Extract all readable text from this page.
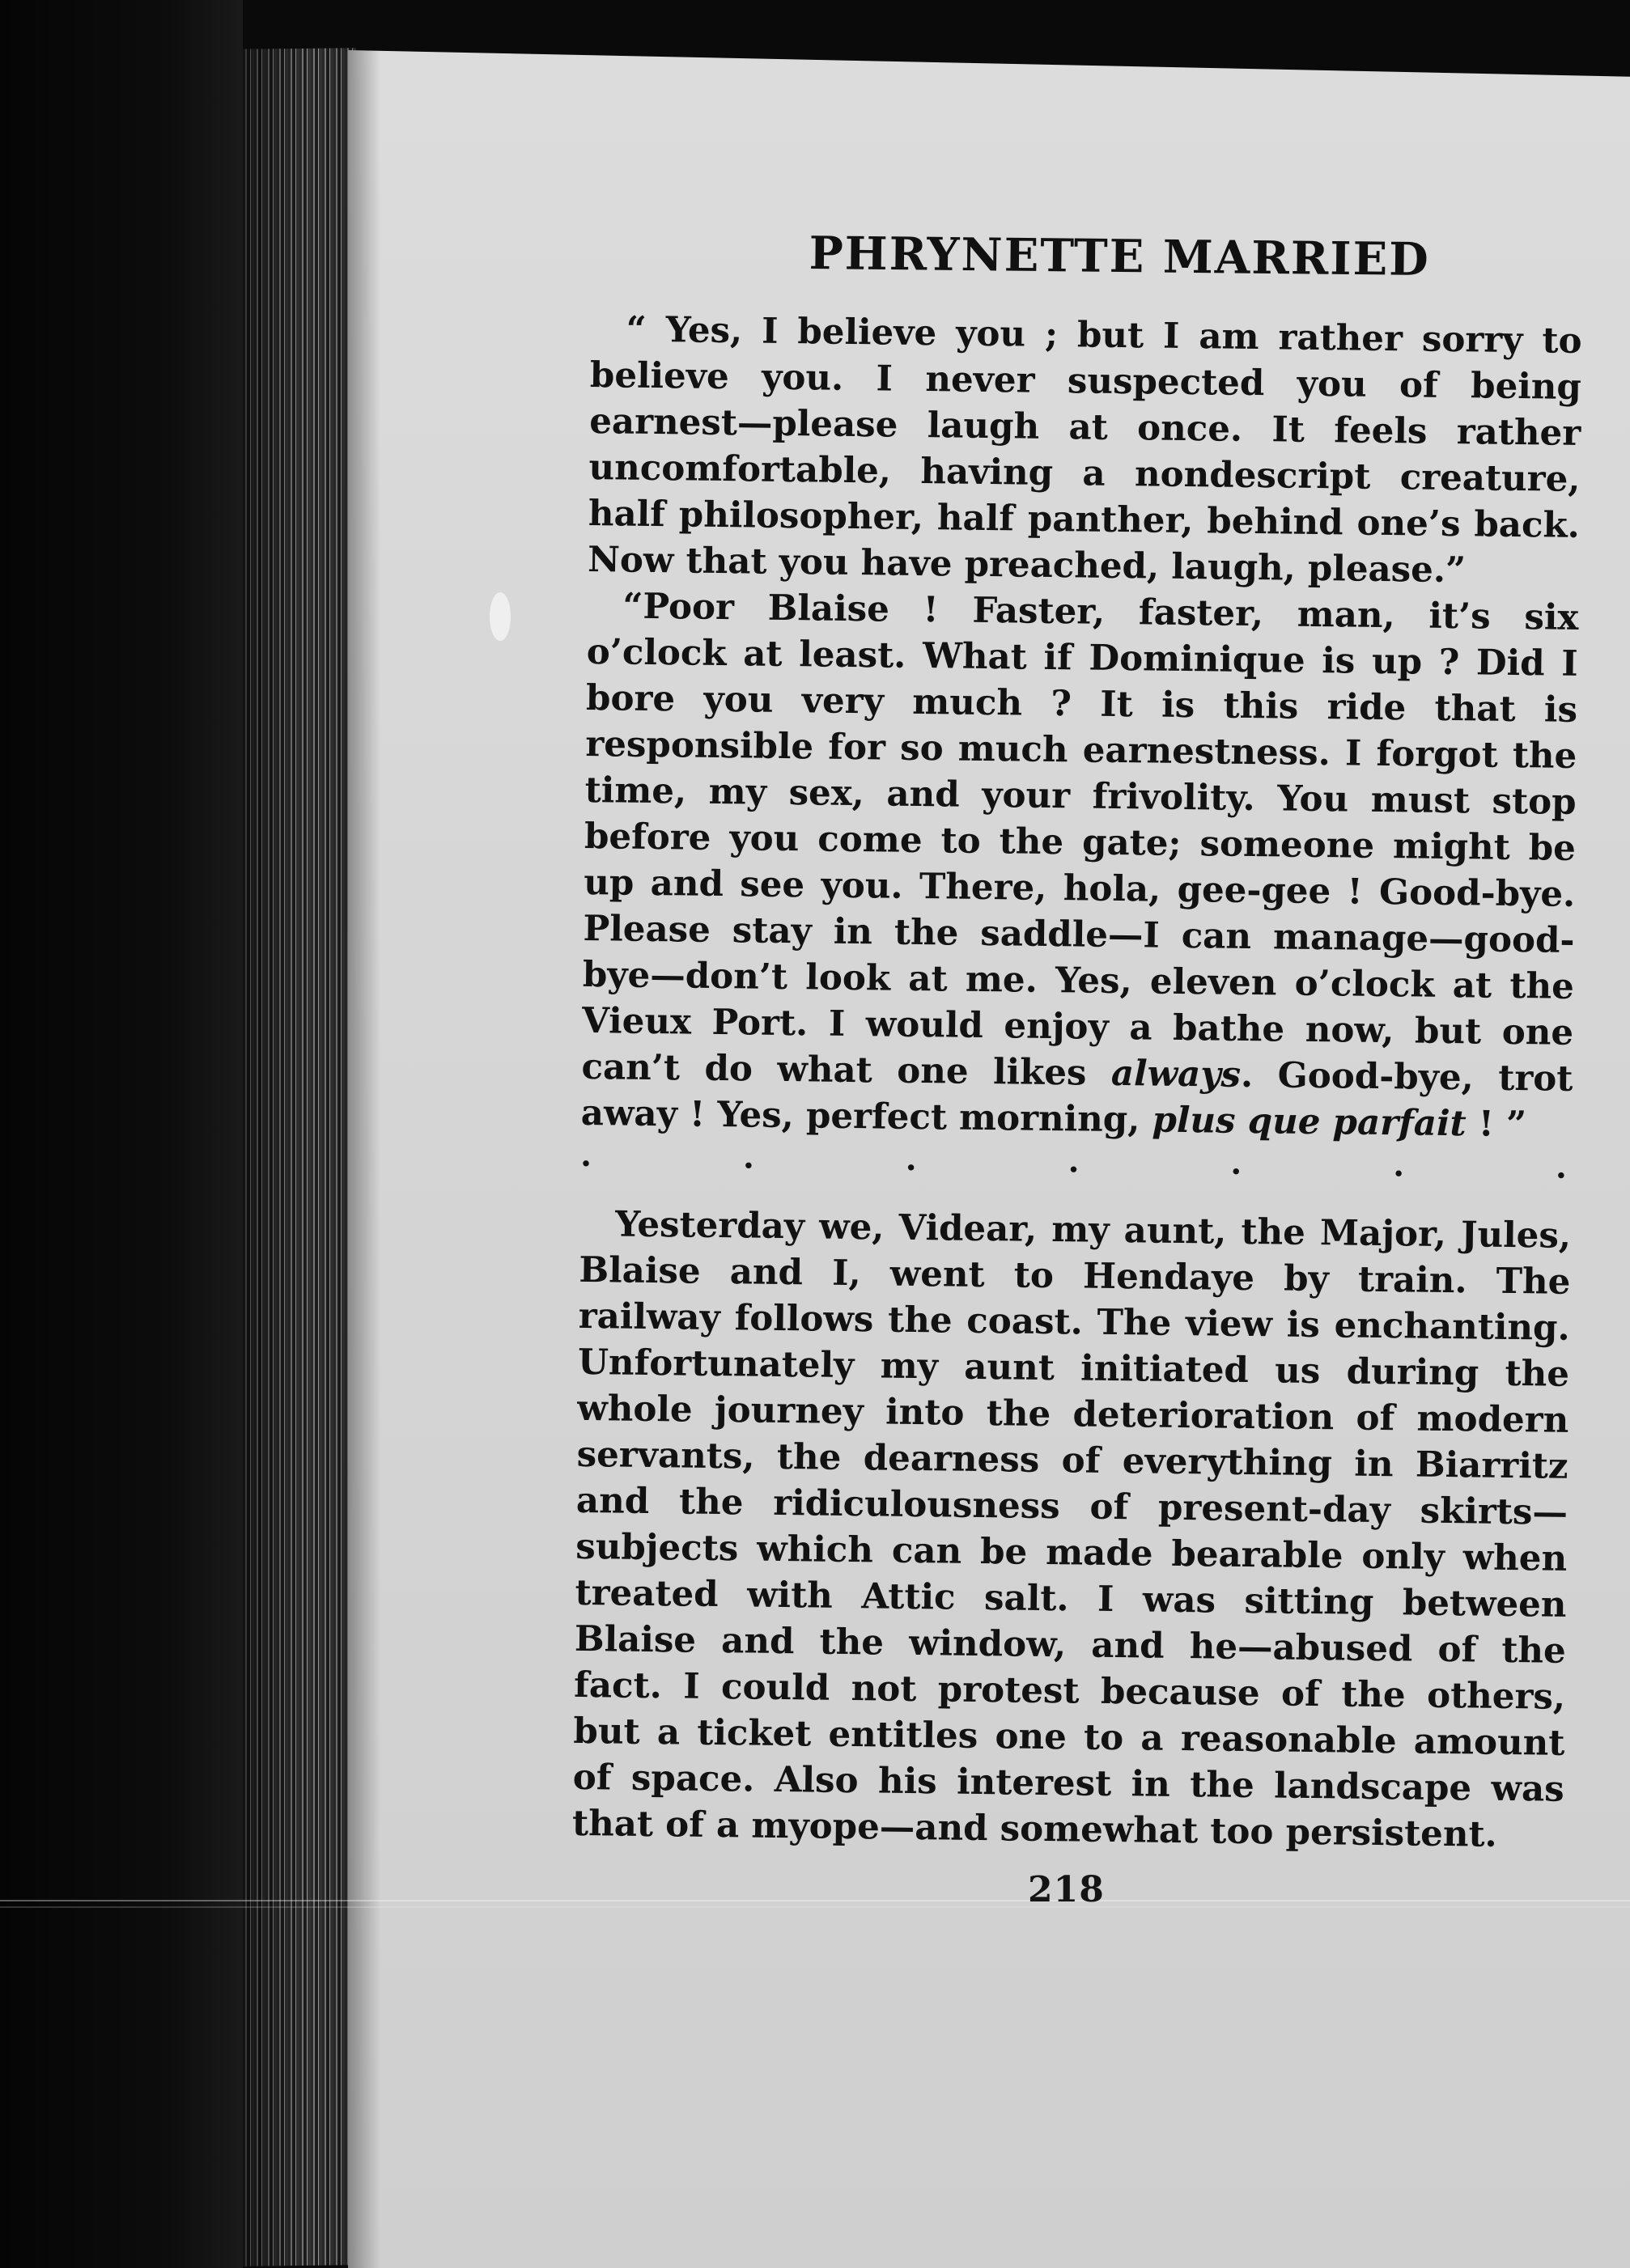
PHRYNETTE MARRIED

“ Yes, I believe you ; but I am rather sorry to believe you. I never suspected you of being earnest—please laugh at once. It feels rather uncomfortable, having a nondescript creature, half philosopher, half panther, behind one’s back. Now that you have preached, laugh, please.”

“Poor Blaise ! Faster, faster, man, it’s six o’clock at least. What if Dominique is up ? Did I bore you very much ? It is this ride that is responsible for so much earnestness. I forgot the time, my sex, and your frivolity. You must stop before you come to the gate; someone might be up and see you. There, hola, gee-gee ! Good-bye. Please stay in the saddle—I can manage—good-bye—don’t look at me. Yes, eleven o’clock at the Vieux Port. I would enjoy a bathe now, but one can’t do what one likes always. Good-bye, trot away ! Yes, perfect morning, plus que parfait ! ”

.	.	.	.	.	.	.

Yesterday we, Videar, my aunt, the Major, Jules, Blaise and I, went to Hendaye by train. The railway follows the coast. The view is enchanting. Unfortunately my aunt initiated us during the whole journey into the deterioration of modern servants, the dearness of everything in Biarritz and the ridiculousness of present-day skirts—subjects which can be made bearable only when treated with Attic salt. I was sitting between Blaise and the window, and he—abused of the fact. I could not protest because of the others, but a ticket entitles one to a reasonable amount of space. Also his interest in the landscape was that of a myope—and somewhat too persistent.

218
